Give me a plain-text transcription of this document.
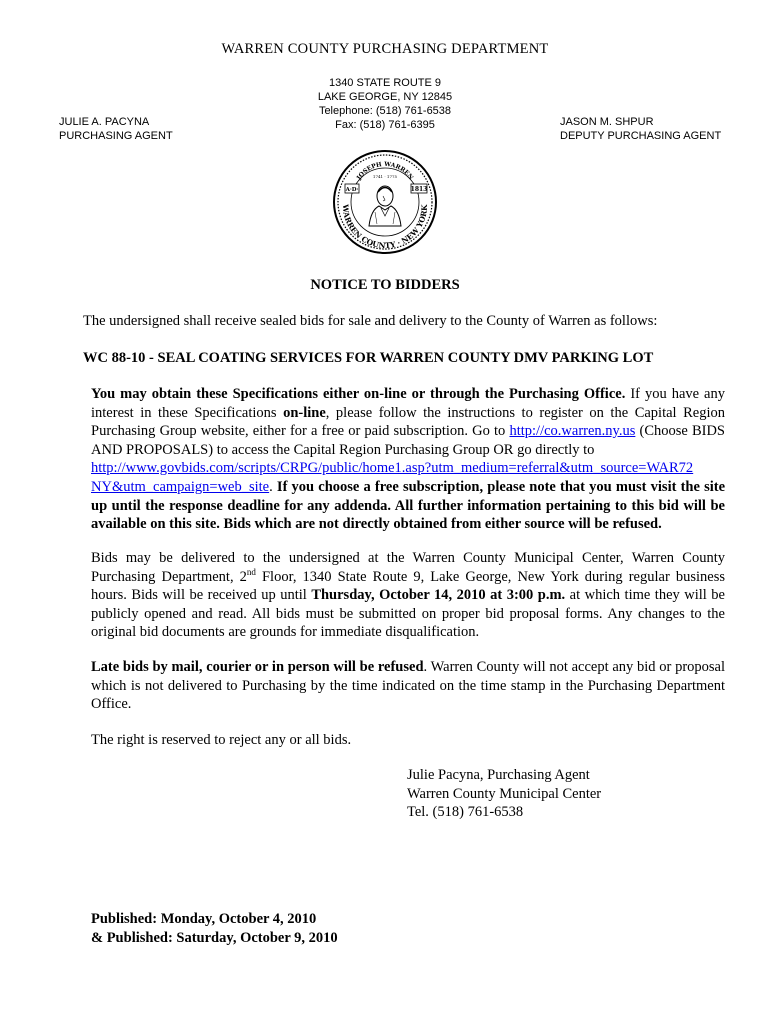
WARREN COUNTY PURCHASING DEPARTMENT
1340 STATE ROUTE 9
LAKE GEORGE, NY 12845
Telephone: (518) 761-6538
Fax: (518) 761-6395
JULIE A. PACYNA
PURCHASING AGENT
JASON M. SHPUR
DEPUTY PURCHASING AGENT
JOSEPH WARREN
1741 · 1775
A·D·	1813
WARREN COUNTY · NEW YORK
NOTICE TO BIDDERS
The undersigned shall receive sealed bids for sale and delivery to the County of Warren as follows:
WC 88-10 - SEAL COATING SERVICES FOR WARREN COUNTY DMV PARKING LOT

You may obtain these Specifications either on-line or through the Purchasing Office. If you have any interest in these Specifications on-line, please follow the instructions to register on the Capital Region Purchasing Group website, either for a free or paid subscription. Go to http://co.warren.ny.us (Choose BIDS AND PROPOSALS) to access the Capital Region Purchasing Group OR go directly to
http://www.govbids.com/scripts/CRPG/public/home1.asp?utm_medium=referral&utm_source=WAR72
NY&utm_campaign=web_site. If you choose a free subscription, please note that you must visit the site up until the response deadline for any addenda. All further information pertaining to this bid will be available on this site. Bids which are not directly obtained from either source will be refused.

Bids may be delivered to the undersigned at the Warren County Municipal Center, Warren County Purchasing Department, 2nd Floor, 1340 State Route 9, Lake George, New York during regular business hours. Bids will be received up until Thursday, October 14, 2010 at 3:00 p.m. at which time they will be publicly opened and read. All bids must be submitted on proper bid proposal forms. Any changes to the original bid documents are grounds for immediate disqualification.

Late bids by mail, courier or in person will be refused. Warren County will not accept any bid or proposal which is not delivered to Purchasing by the time indicated on the time stamp in the Purchasing Department Office.

The right is reserved to reject any or all bids.
Julie Pacyna, Purchasing Agent
Warren County Municipal Center
Tel. (518) 761-6538
Published: Monday, October 4, 2010
& Published: Saturday, October 9, 2010
